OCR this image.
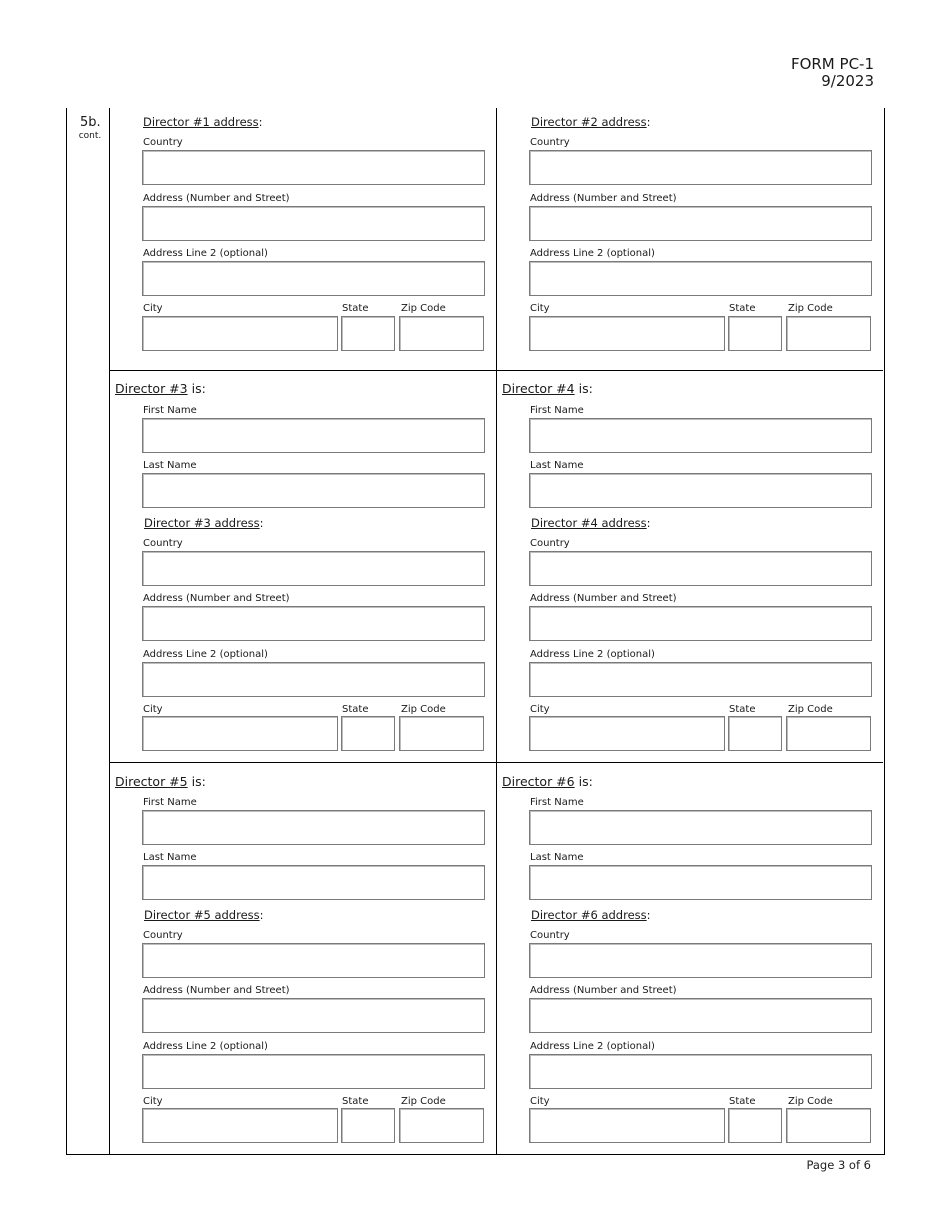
FORM PC-1
9/2023
5b.
cont.
Director #1 address:
Country
Address (Number and Street)
Address Line 2 (optional)
City	State	Zip Code
Director #2 address:
Country
Address (Number and Street)
Address Line 2 (optional)
City	State	Zip Code
Director #3 is:
First Name
Last Name
Director #3 address:
Country
Address (Number and Street)
Address Line 2 (optional)
City	State	Zip Code
Director #4 is:
First Name
Last Name
Director #4 address:
Country
Address (Number and Street)
Address Line 2 (optional)
City	State	Zip Code
Director #5 is:
First Name
Last Name
Director #5 address:
Country
Address (Number and Street)
Address Line 2 (optional)
City	State	Zip Code
Director #6 is:
First Name
Last Name
Director #6 address:
Country
Address (Number and Street)
Address Line 2 (optional)
City	State	Zip Code
Page 3 of 6
